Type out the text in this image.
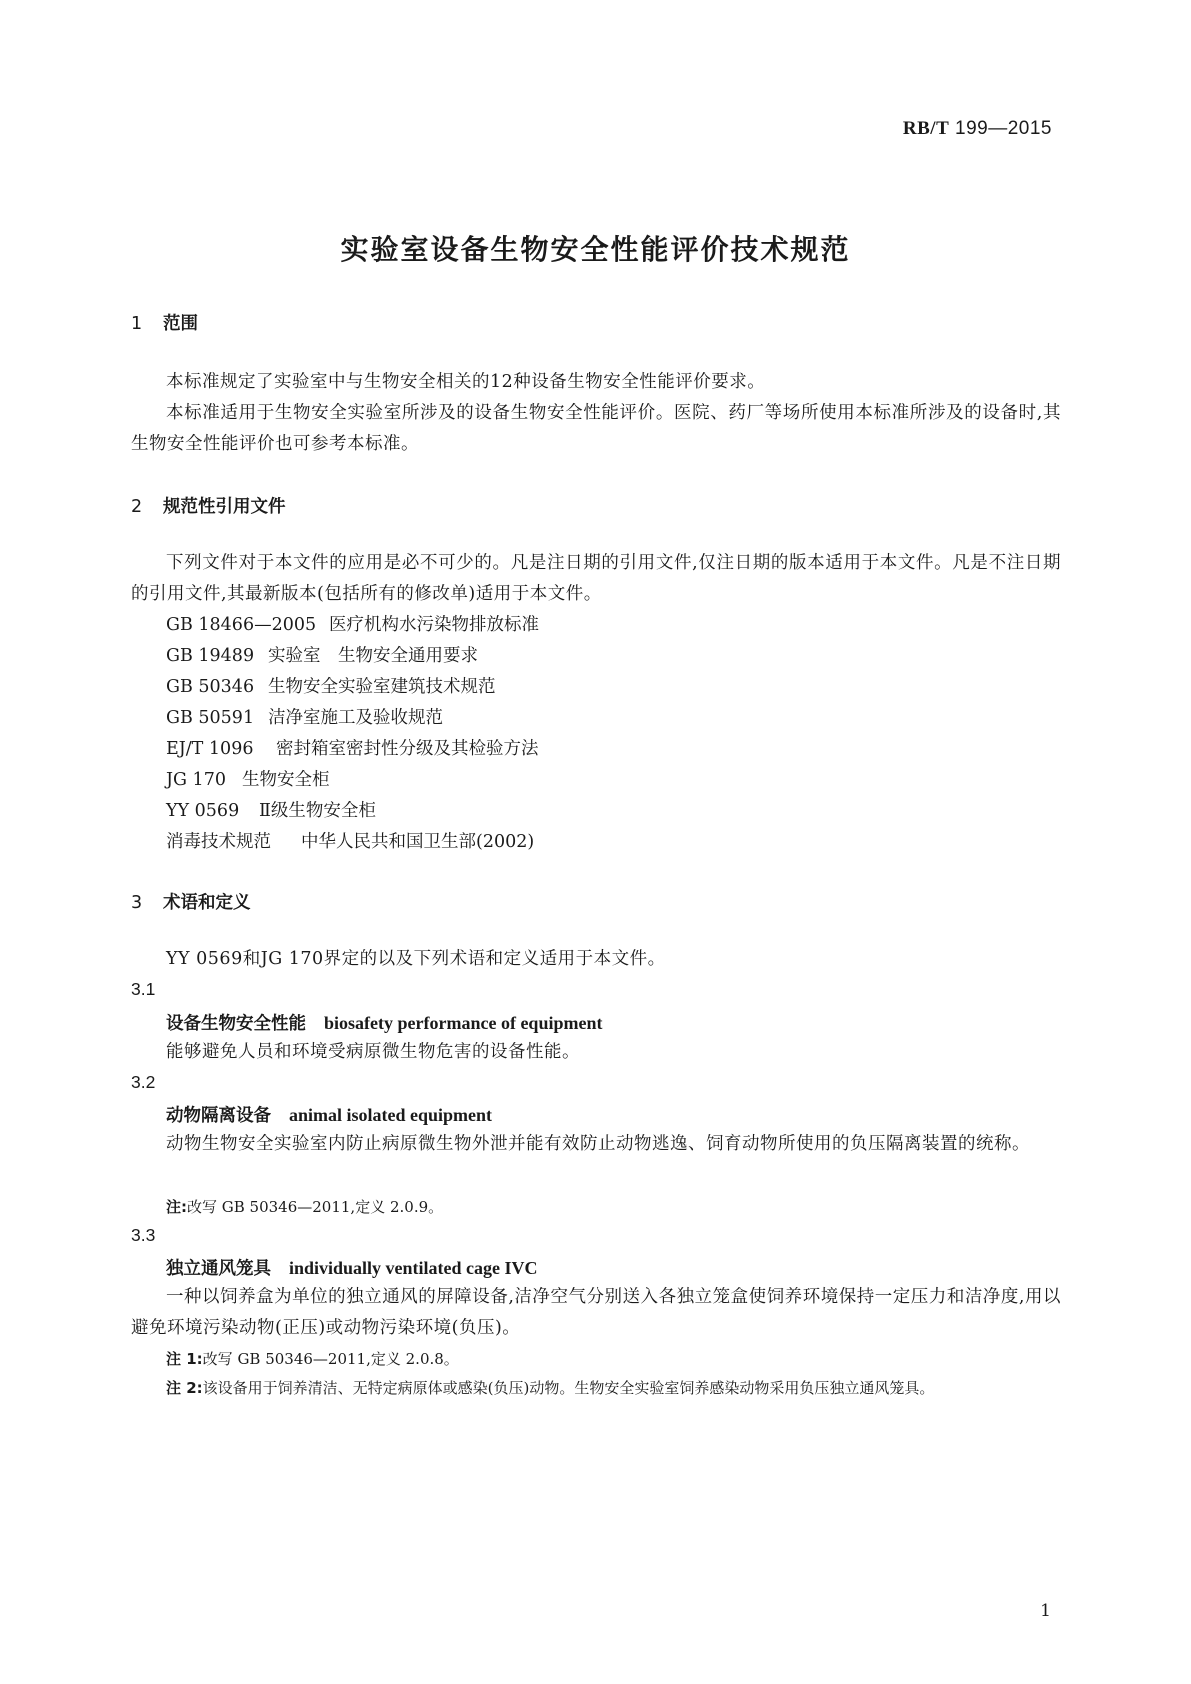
RB/T 199—2015
实验室设备生物安全性能评价技术规范
1 范围
本标准规定了实验室中与生物安全相关的12种设备生物安全性能评价要求。
本标准适用于生物安全实验室所涉及的设备生物安全性能评价。医院、药厂等场所使用本标准所涉及的设备时,其生物安全性能评价也可参考本标准。
2 规范性引用文件
下列文件对于本文件的应用是必不可少的。凡是注日期的引用文件,仅注日期的版本适用于本文件。凡是不注日期的引用文件,其最新版本(包括所有的修改单)适用于本文件。
GB 18466—2005 医疗机构水污染物排放标准
GB 19489 实验室　生物安全通用要求
GB 50346 生物安全实验室建筑技术规范
GB 50591 洁净室施工及验收规范
EJ/T 1096 密封箱室密封性分级及其检验方法
JG 170 生物安全柜
YY 0569 Ⅱ级生物安全柜
消毒技术规范 中华人民共和国卫生部(2002)
3 术语和定义
YY 0569和JG 170界定的以及下列术语和定义适用于本文件。
3.1
设备生物安全性能 biosafety performance of equipment
能够避免人员和环境受病原微生物危害的设备性能。
3.2
动物隔离设备 animal isolated equipment
动物生物安全实验室内防止病原微生物外泄并能有效防止动物逃逸、饲育动物所使用的负压隔离装置的统称。
注:改写 GB 50346—2011,定义 2.0.9。
3.3
独立通风笼具 individually ventilated cage IVC
一种以饲养盒为单位的独立通风的屏障设备,洁净空气分别送入各独立笼盒使饲养环境保持一定压力和洁净度,用以避免环境污染动物(正压)或动物污染环境(负压)。
注 1:改写 GB 50346—2011,定义 2.0.8。
注 2:该设备用于饲养清洁、无特定病原体或感染(负压)动物。生物安全实验室饲养感染动物采用负压独立通风笼具。
1
